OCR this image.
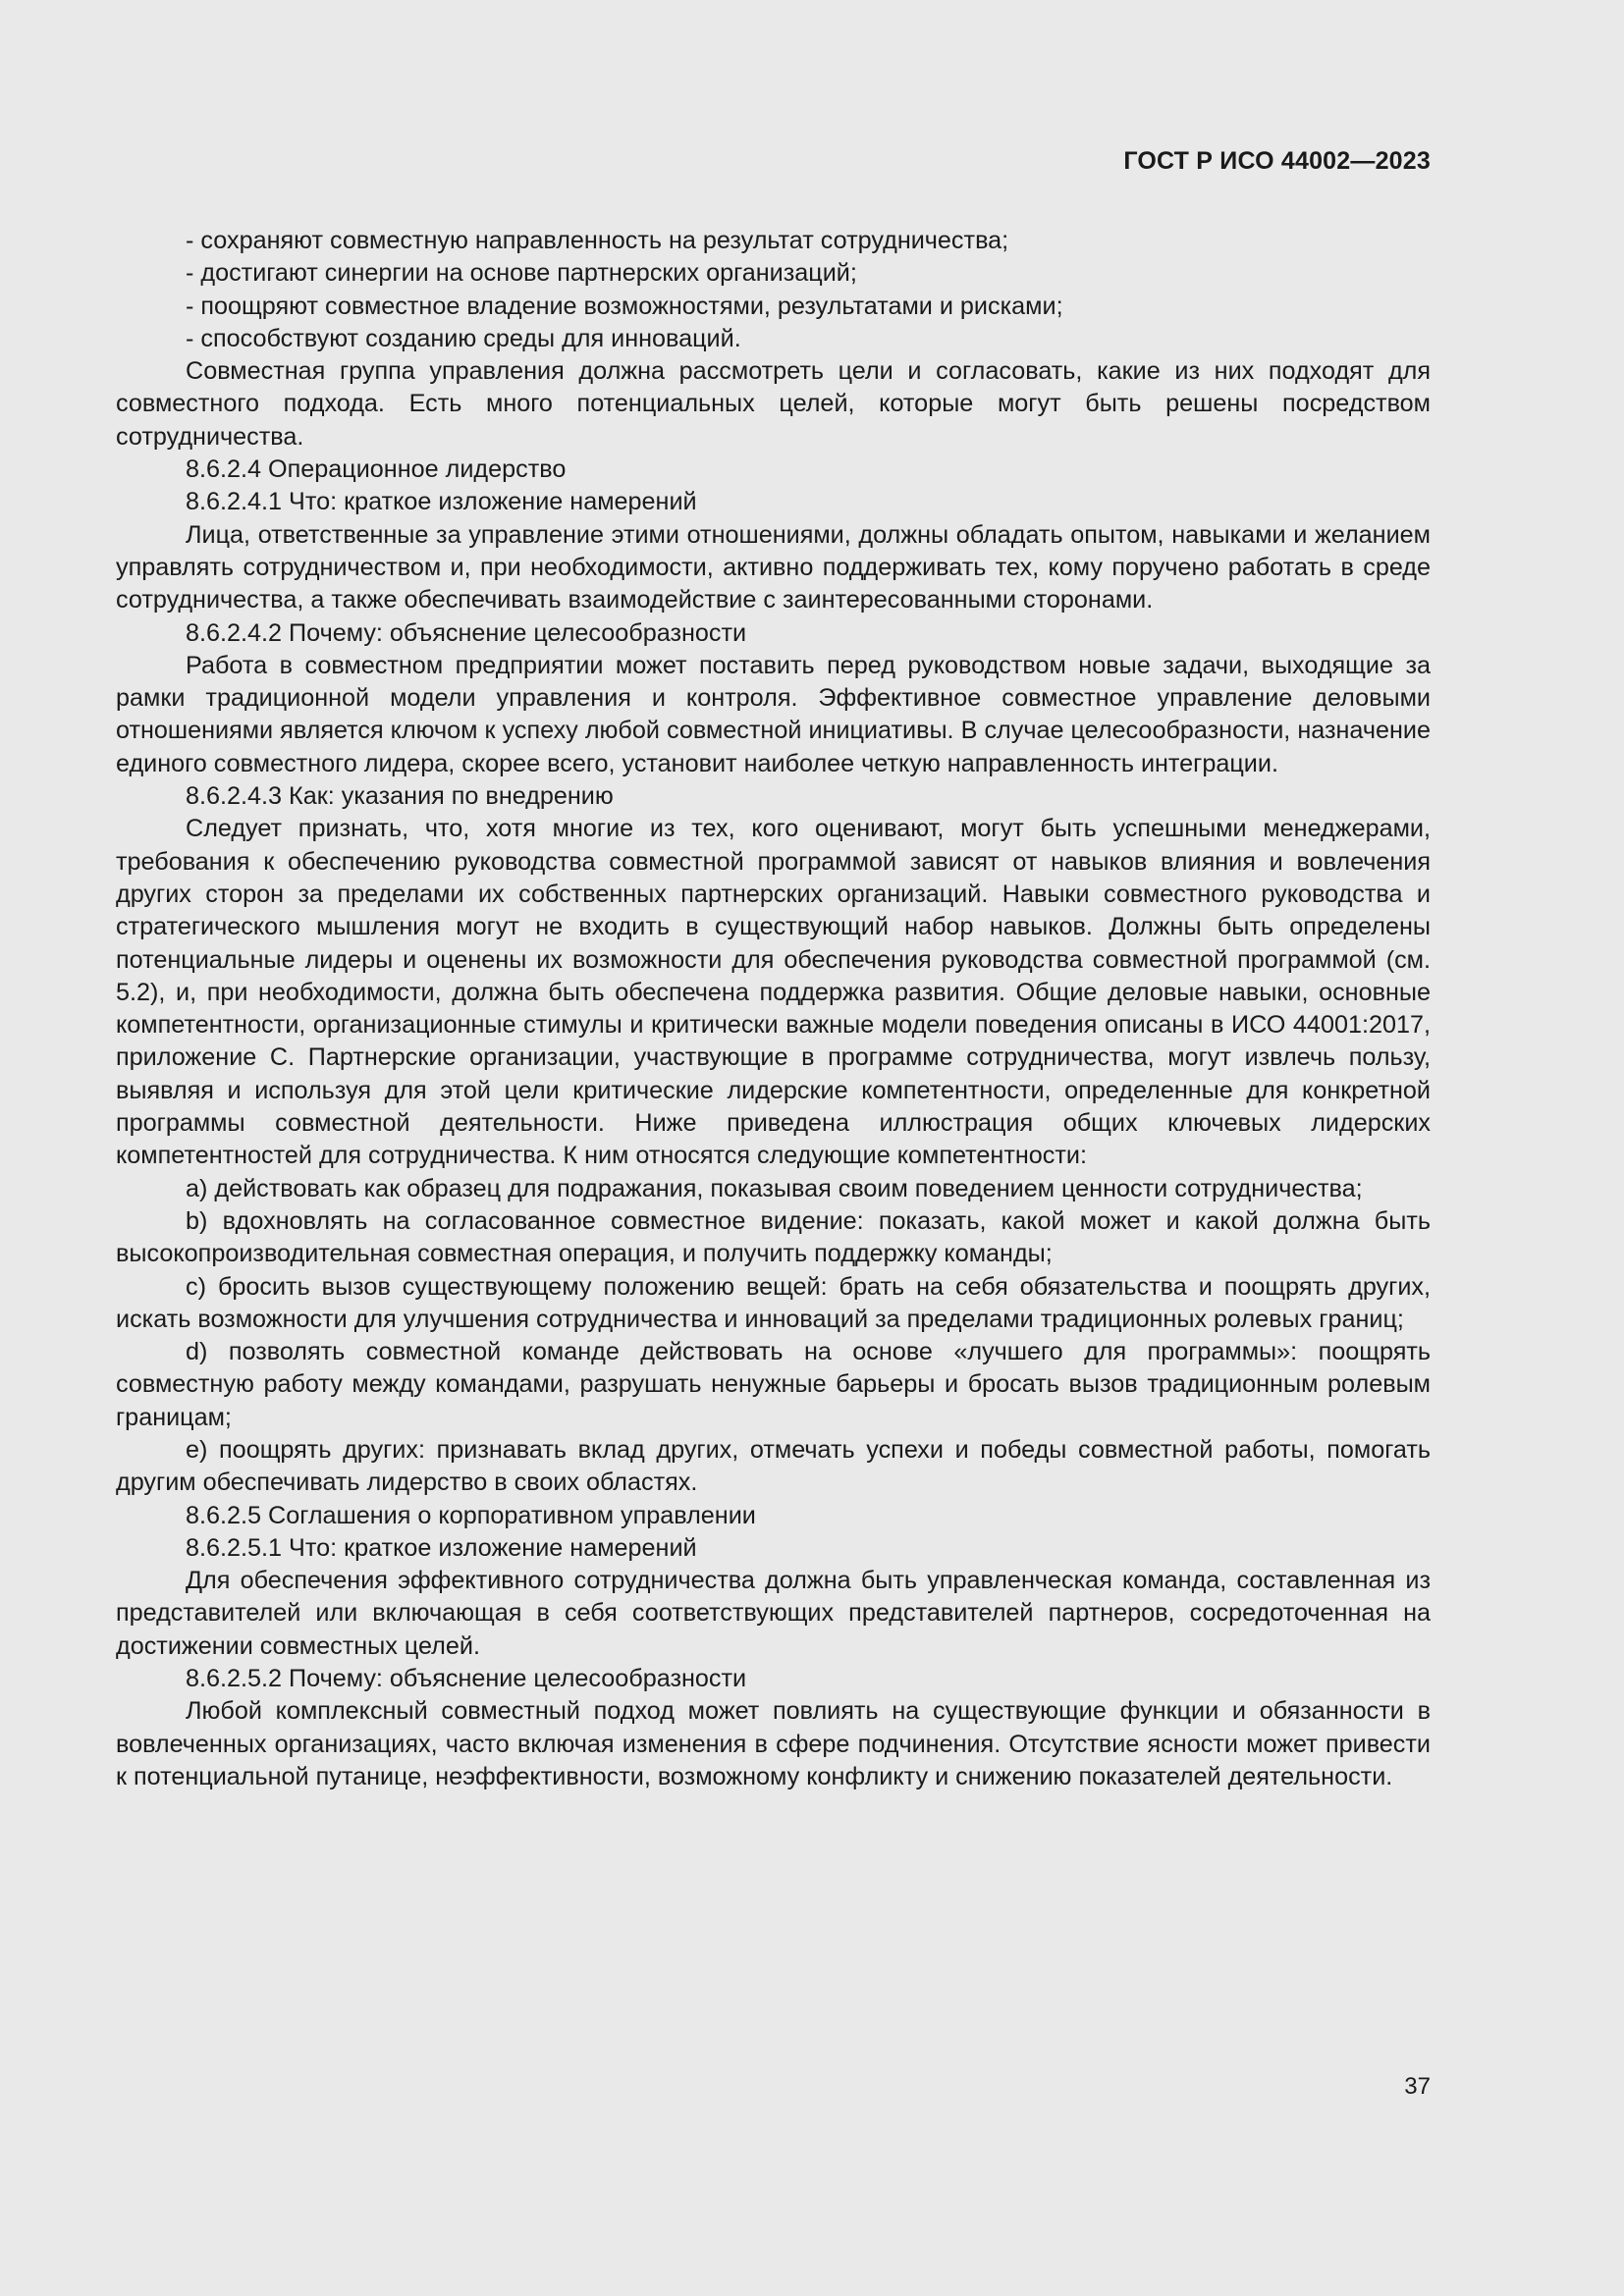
ГОСТ Р ИСО 44002—2023

- сохраняют совместную направленность на результат сотрудничества;

- достигают синергии на основе партнерских организаций;

- поощряют совместное владение возможностями, результатами и рисками;

- способствуют созданию среды для инноваций.

Совместная группа управления должна рассмотреть цели и согласовать, какие из них подходят для совместного подхода. Есть много потенциальных целей, которые могут быть решены посредством сотрудничества.

8.6.2.4 Операционное лидерство

8.6.2.4.1 Что: краткое изложение намерений

Лица, ответственные за управление этими отношениями, должны обладать опытом, навыками и желанием управлять сотрудничеством и, при необходимости, активно поддерживать тех, кому поручено работать в среде сотрудничества, а также обеспечивать взаимодействие с заинтересованными сторонами.

8.6.2.4.2 Почему: объяснение целесообразности

Работа в совместном предприятии может поставить перед руководством новые задачи, выходящие за рамки традиционной модели управления и контроля. Эффективное совместное управление деловыми отношениями является ключом к успеху любой совместной инициативы. В случае целесообразности, назначение единого совместного лидера, скорее всего, установит наиболее четкую направленность интеграции.

8.6.2.4.3 Как: указания по внедрению

Следует признать, что, хотя многие из тех, кого оценивают, могут быть успешными менеджерами, требования к обеспечению руководства совместной программой зависят от навыков влияния и вовлечения других сторон за пределами их собственных партнерских организаций. Навыки совместного руководства и стратегического мышления могут не входить в существующий набор навыков. Должны быть определены потенциальные лидеры и оценены их возможности для обеспечения руководства совместной программой (см. 5.2), и, при необходимости, должна быть обеспечена поддержка развития. Общие деловые навыки, основные компетентности, организационные стимулы и критически важные модели поведения описаны в ИСО 44001:2017, приложение С. Партнерские организации, участвующие в программе сотрудничества, могут извлечь пользу, выявляя и используя для этой цели критические лидерские компетентности, определенные для конкретной программы совместной деятельности. Ниже приведена иллюстрация общих ключевых лидерских компетентностей для сотрудничества. К ним относятся следующие компетентности:

a) действовать как образец для подражания, показывая своим поведением ценности сотрудничества;

b) вдохновлять на согласованное совместное видение: показать, какой может и какой должна быть высокопроизводительная совместная операция, и получить поддержку команды;

c) бросить вызов существующему положению вещей: брать на себя обязательства и поощрять других, искать возможности для улучшения сотрудничества и инноваций за пределами традиционных ролевых границ;

d) позволять совместной команде действовать на основе «лучшего для программы»: поощрять совместную работу между командами, разрушать ненужные барьеры и бросать вызов традиционным ролевым границам;

e) поощрять других: признавать вклад других, отмечать успехи и победы совместной работы, помогать другим обеспечивать лидерство в своих областях.

8.6.2.5 Соглашения о корпоративном управлении

8.6.2.5.1 Что: краткое изложение намерений

Для обеспечения эффективного сотрудничества должна быть управленческая команда, составленная из представителей или включающая в себя соответствующих представителей партнеров, сосредоточенная на достижении совместных целей.

8.6.2.5.2 Почему: объяснение целесообразности

Любой комплексный совместный подход может повлиять на существующие функции и обязанности в вовлеченных организациях, часто включая изменения в сфере подчинения. Отсутствие ясности может привести к потенциальной путанице, неэффективности, возможному конфликту и снижению показателей деятельности.

37
